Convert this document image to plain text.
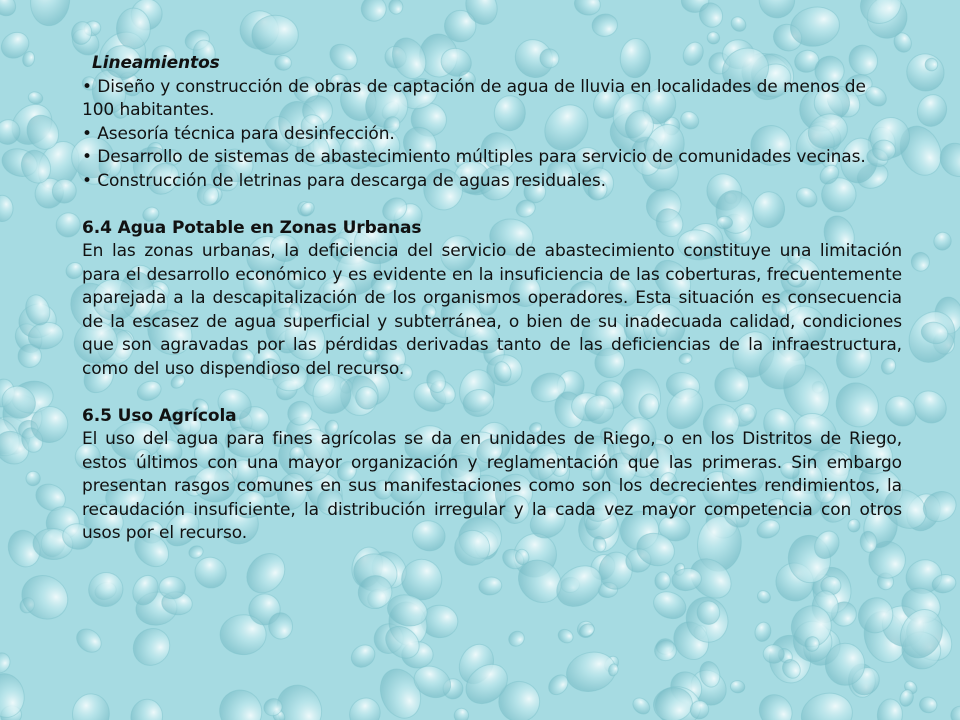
Lineamientos

• Diseño y construcción de obras de captación de agua de lluvia en localidades de menos de 100 habitantes.

• Asesoría técnica para desinfección.

• Desarrollo de sistemas de abastecimiento múltiples para servicio de comunidades vecinas.

• Construcción de letrinas para descarga de aguas residuales.

6.4 Agua Potable en Zonas Urbanas

En las zonas urbanas, la deficiencia del servicio de abastecimiento constituye una limitación para el desarrollo económico y es evidente en la insuficiencia de las coberturas, frecuentemente aparejada a la descapitalización de los organismos operadores. Esta situación es consecuencia de la escasez de agua superficial y subterránea, o bien de su inadecuada calidad, condiciones que son agravadas por las pérdidas derivadas tanto de las deficiencias de la infraestructura, como del uso dispendioso del recurso.

6.5 Uso Agrícola

El uso del agua para fines agrícolas se da en unidades de Riego, o en los Distritos de Riego, estos últimos con una mayor organización y reglamentación que las primeras. Sin embargo presentan rasgos comunes en sus manifestaciones como son los decrecientes rendimientos, la recaudación insuficiente, la distribución irregular y la cada vez mayor competencia con otros usos por el recurso.
